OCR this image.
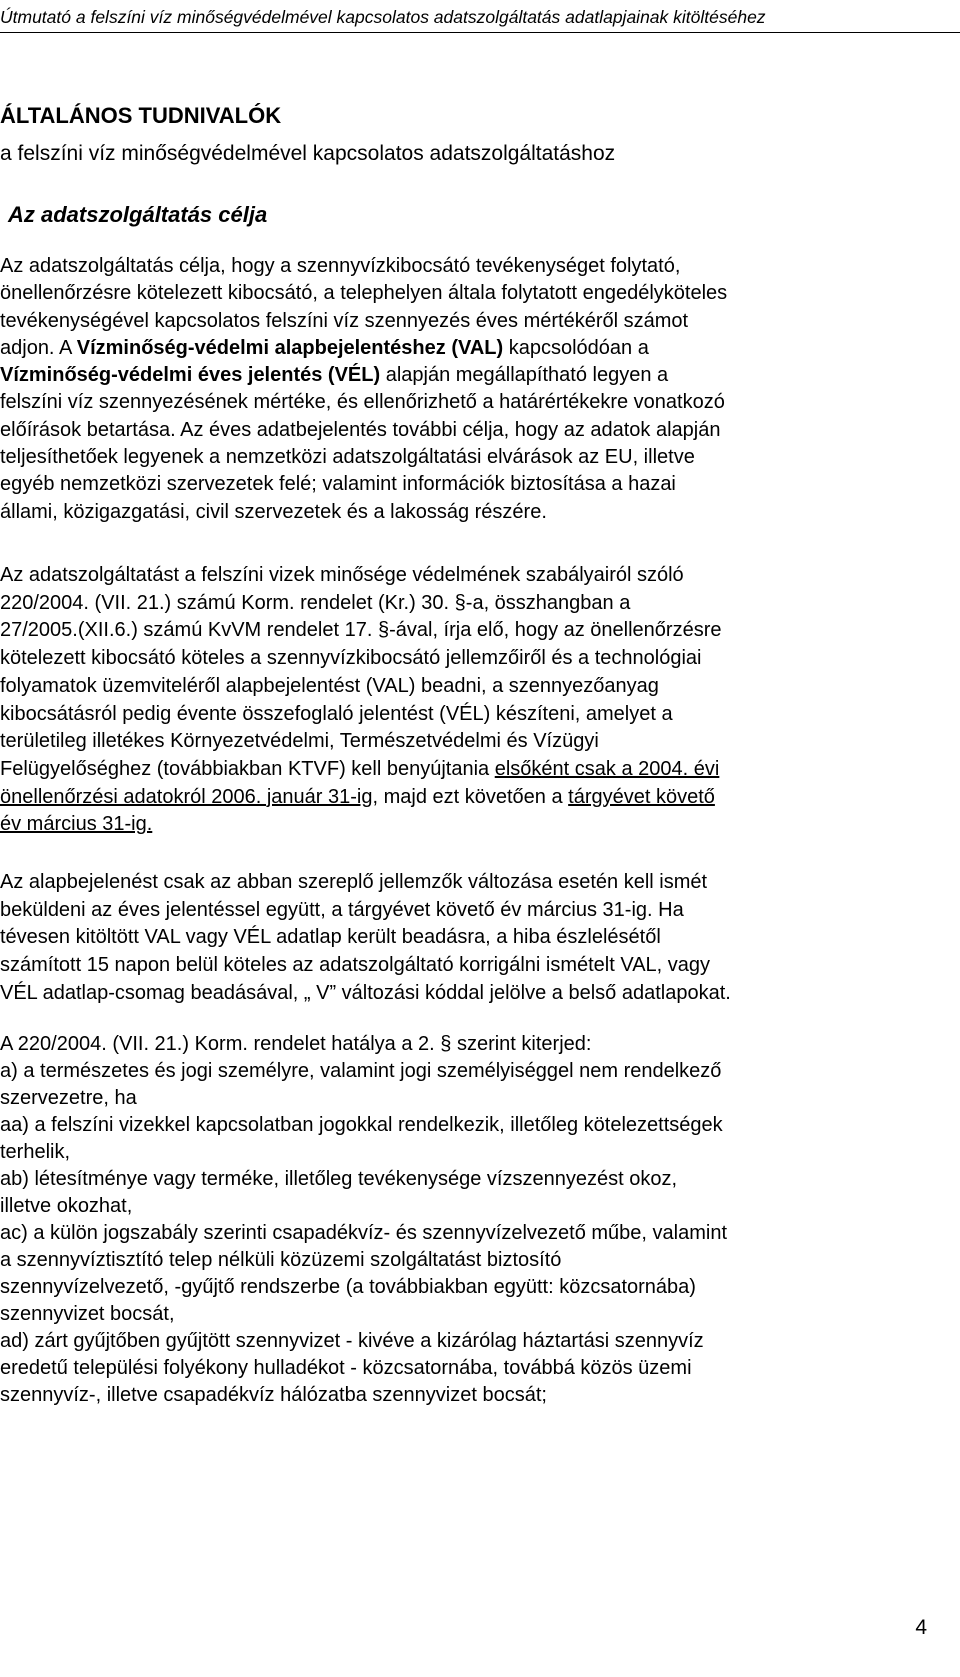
Útmutató a felszíni víz minőségvédelmével kapcsolatos adatszolgáltatás adatlapjainak kitöltéséhez
ÁLTALÁNOS TUDNIVALÓK
a felszíni víz minőségvédelmével kapcsolatos adatszolgáltatáshoz
Az adatszolgáltatás célja
Az adatszolgáltatás célja, hogy a szennyvízkibocsátó tevékenységet folytató,
önellenőrzésre kötelezett kibocsátó, a telephelyen általa folytatott engedélyköteles
tevékenységével kapcsolatos felszíni víz szennyezés éves mértékéről számot
adjon. A Vízminőség-védelmi alapbejelentéshez (VAL) kapcsolódóan a
Vízminőség-védelmi éves jelentés (VÉL) alapján megállapítható legyen a
felszíni víz szennyezésének mértéke, és ellenőrizhető a határértékekre vonatkozó
előírások betartása. Az éves adatbejelentés további célja, hogy az adatok alapján
teljesíthetőek legyenek a nemzetközi adatszolgáltatási elvárások az EU, illetve
egyéb nemzetközi szervezetek felé; valamint információk biztosítása a hazai
állami, közigazgatási, civil szervezetek és a lakosság részére.
Az adatszolgáltatást a felszíni vizek minősége védelmének szabályairól szóló
220/2004. (VII. 21.) számú Korm. rendelet (Kr.) 30. §-a, összhangban a
27/2005.(XII.6.) számú KvVM rendelet 17. §-ával, írja elő, hogy az önellenőrzésre
kötelezett kibocsátó köteles a szennyvízkibocsátó jellemzőiről és a technológiai
folyamatok üzemviteléről alapbejelentést (VAL) beadni, a szennyezőanyag
kibocsátásról pedig évente összefoglaló jelentést (VÉL) készíteni, amelyet a
területileg illetékes Környezetvédelmi, Természetvédelmi és Vízügyi
Felügyelőséghez (továbbiakban KTVF) kell benyújtania elsőként csak a 2004. évi
önellenőrzési adatokról 2006. január 31-ig, majd ezt követően a tárgyévet követő
év március 31-ig.
Az alapbejelenést csak az abban szereplő jellemzők változása esetén kell ismét
beküldeni az éves jelentéssel együtt, a tárgyévet követő év március 31-ig. Ha
tévesen kitöltött VAL vagy VÉL adatlap került beadásra, a hiba észlelésétől
számított 15 napon belül köteles az adatszolgáltató korrigálni ismételt VAL, vagy
VÉL adatlap-csomag beadásával, „ V” változási kóddal jelölve a belső adatlapokat.
A 220/2004. (VII. 21.) Korm. rendelet hatálya a 2. § szerint kiterjed:
a) a természetes és jogi személyre, valamint jogi személyiséggel nem rendelkező
szervezetre, ha
aa) a felszíni vizekkel kapcsolatban jogokkal rendelkezik, illetőleg kötelezettségek
terhelik,
ab) létesítménye vagy terméke, illetőleg tevékenysége vízszennyezést okoz,
illetve okozhat,
ac) a külön jogszabály szerinti csapadékvíz- és szennyvízelvezető műbe, valamint
a szennyvíztisztító telep nélküli közüzemi szolgáltatást biztosító
szennyvízelvezető, -gyűjtő rendszerbe (a továbbiakban együtt: közcsatornába)
szennyvizet bocsát,
ad) zárt gyűjtőben gyűjtött szennyvizet - kivéve a kizárólag háztartási szennyvíz
eredetű települési folyékony hulladékot - közcsatornába, továbbá közös üzemi
szennyvíz-, illetve csapadékvíz hálózatba szennyvizet bocsát;
4
